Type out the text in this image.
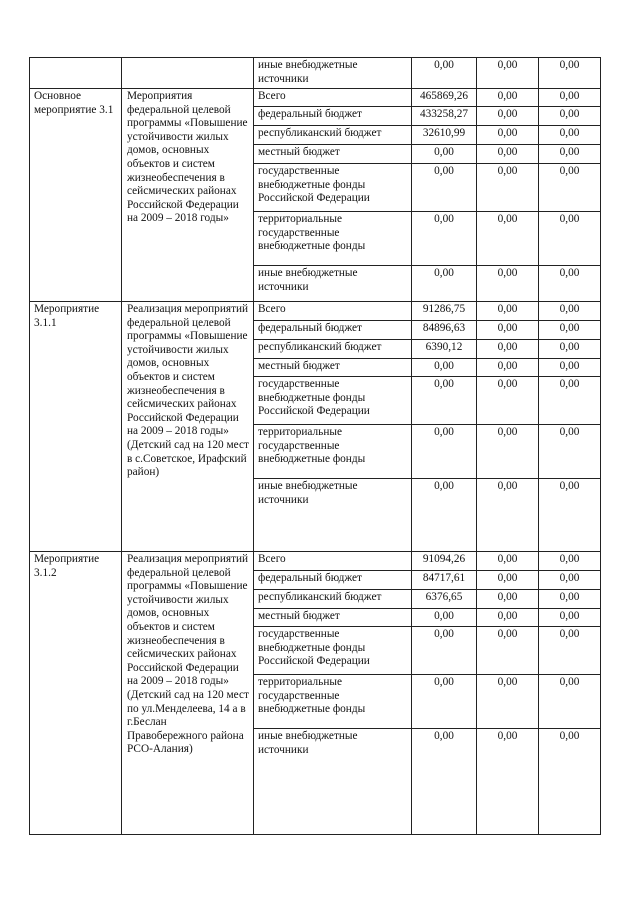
		иные внебюджетные источники	0,00	0,00	0,00
Основное мероприятие 3.1	Мероприятия федеральной целевой программы «Повышение устойчивости жилых домов, основных объектов и систем жизнеобеспечения в сейсмических районах Российской Федерации на 2009 – 2018 годы»	Всего	465869,26	0,00	0,00
		федеральный бюджет	433258,27	0,00	0,00
		республиканский бюджет	32610,99	0,00	0,00
		местный бюджет	0,00	0,00	0,00
		государственные внебюджетные фонды Российской Федерации	0,00	0,00	0,00
		территориальные государственные внебюджетные фонды	0,00	0,00	0,00
		иные внебюджетные источники	0,00	0,00	0,00
Мероприятие 3.1.1	Реализация мероприятий федеральной целевой программы «Повышение устойчивости жилых домов, основных объектов и систем жизнеобеспечения в сейсмических районах Российской Федерации на 2009 – 2018 годы» (Детский сад на 120 мест в с.Советское, Ирафский район)	Всего	91286,75	0,00	0,00
		федеральный бюджет	84896,63	0,00	0,00
		республиканский бюджет	6390,12	0,00	0,00
		местный бюджет	0,00	0,00	0,00
		государственные внебюджетные фонды Российской Федерации	0,00	0,00	0,00
		территориальные государственные внебюджетные фонды	0,00	0,00	0,00
		иные внебюджетные источники	0,00	0,00	0,00
Мероприятие 3.1.2	Реализация мероприятий федеральной целевой программы «Повышение устойчивости жилых домов, основных объектов и систем жизнеобеспечения в сейсмических районах Российской Федерации на 2009 – 2018 годы» (Детский сад на 120 мест по ул.Менделеева, 14 а в г.Беслан Правобережного района РСО-Алания)	Всего	91094,26	0,00	0,00
		федеральный бюджет	84717,61	0,00	0,00
		республиканский бюджет	6376,65	0,00	0,00
		местный бюджет	0,00	0,00	0,00
		государственные внебюджетные фонды Российской Федерации	0,00	0,00	0,00
		территориальные государственные внебюджетные фонды	0,00	0,00	0,00
		иные внебюджетные источники	0,00	0,00	0,00
